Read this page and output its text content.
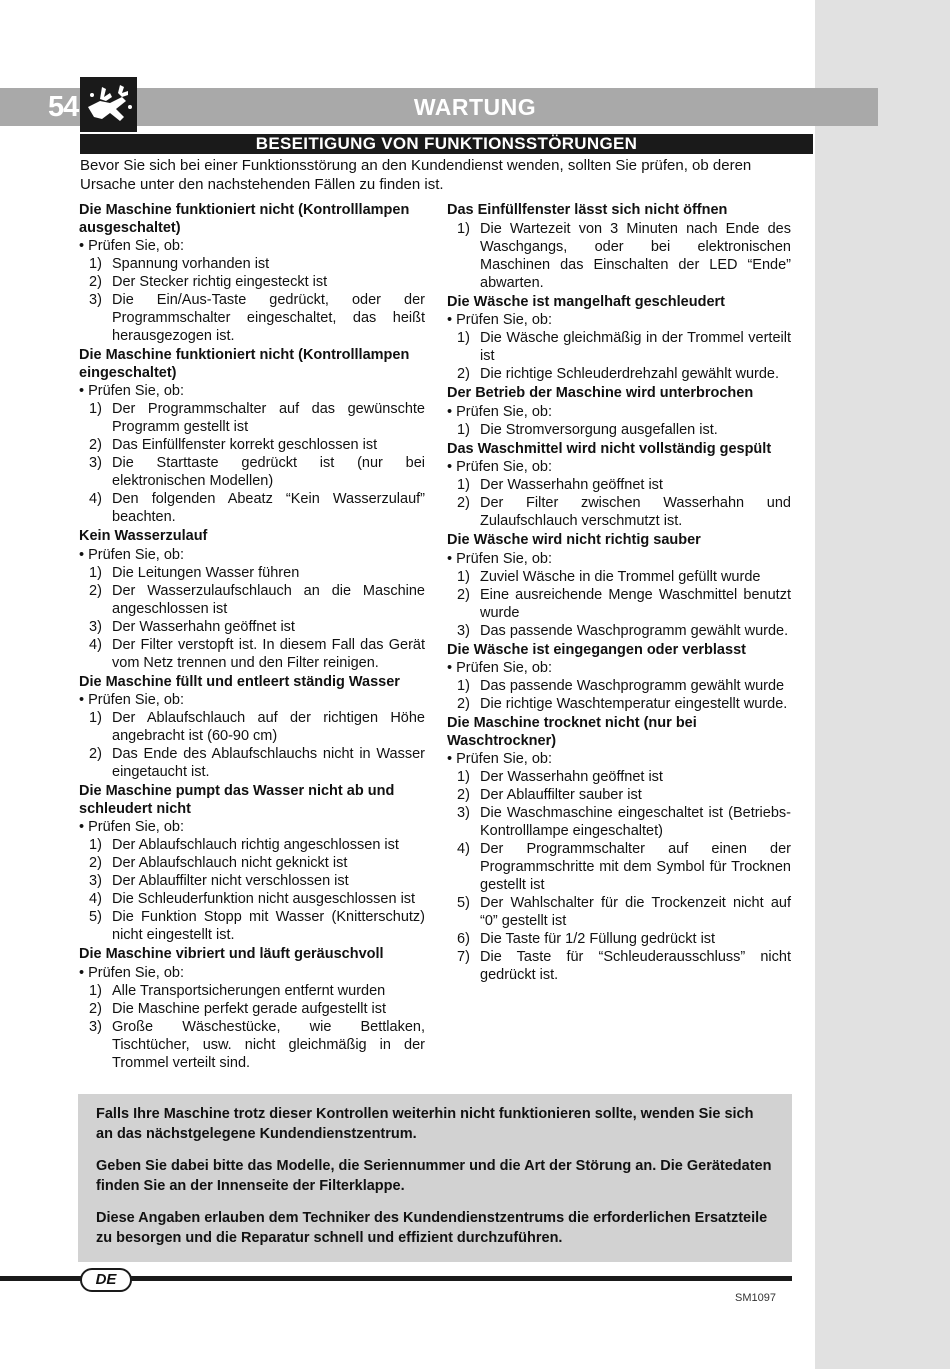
54	WARTUNG
BESEITIGUNG VON FUNKTIONSSTÖRUNGEN
Bevor Sie sich bei einer Funktionsstörung an den Kundendienst wenden, sollten Sie prüfen, ob deren Ursache unter den nachstehenden Fällen zu finden ist.
Die Maschine funktioniert nicht (Kontrolllampen ausgeschaltet)
• Prüfen Sie, ob:
1) Spannung vorhanden ist
2) Der Stecker richtig eingesteckt ist
3) Die Ein/Aus-Taste gedrückt, oder der Programmschalter eingeschaltet, das heißt herausgezogen ist.
Die Maschine funktioniert nicht (Kontrolllampen eingeschaltet)
• Prüfen Sie, ob:
1) Der Programmschalter auf das gewünschte Programm gestellt ist
2) Das Einfüllfenster korrekt geschlossen ist
3) Die Starttaste gedrückt ist (nur bei elektronischen Modellen)
4) Den folgenden Abeatz “Kein Wasserzulauf” beachten.
Kein Wasserzulauf
• Prüfen Sie, ob:
1) Die Leitungen Wasser führen
2) Der Wasserzulaufschlauch an die Maschine angeschlossen ist
3) Der Wasserhahn geöffnet ist
4) Der Filter verstopft ist. In diesem Fall das Gerät vom Netz trennen und den Filter reinigen.
Die Maschine füllt und entleert ständig Wasser
• Prüfen Sie, ob:
1) Der Ablaufschlauch auf der richtigen Höhe angebracht ist (60-90 cm)
2) Das Ende des Ablaufschlauchs nicht in Wasser eingetaucht ist.
Die Maschine pumpt das Wasser nicht ab und schleudert nicht
• Prüfen Sie, ob:
1) Der Ablaufschlauch richtig angeschlossen ist
2) Der Ablaufschlauch nicht geknickt ist
3) Der Ablauffilter nicht verschlossen ist
4) Die Schleuderfunktion nicht ausgeschlossen ist
5) Die Funktion Stopp mit Wasser (Knitterschutz) nicht eingestellt ist.
Die Maschine vibriert und läuft geräuschvoll
• Prüfen Sie, ob:
1) Alle Transportsicherungen entfernt wurden
2) Die Maschine perfekt gerade aufgestellt ist
3) Große Wäschestücke, wie Bettlaken, Tischtücher, usw. nicht gleichmäßig in der Trommel verteilt sind.
Das Einfüllfenster lässt sich nicht öffnen
1) Die Wartezeit von 3 Minuten nach Ende des Waschgangs, oder bei elektronischen Maschinen das Einschalten der LED “Ende” abwarten.
Die Wäsche ist mangelhaft geschleudert
• Prüfen Sie, ob:
1) Die Wäsche gleichmäßig in der Trommel verteilt ist
2) Die richtige Schleuderdrehzahl gewählt wurde.
Der Betrieb der Maschine wird unterbrochen
• Prüfen Sie, ob:
1) Die Stromversorgung ausgefallen ist.
Das Waschmittel wird nicht vollständig gespült
• Prüfen Sie, ob:
1) Der Wasserhahn geöffnet ist
2) Der Filter zwischen Wasserhahn und Zulaufschlauch verschmutzt ist.
Die Wäsche wird nicht richtig sauber
• Prüfen Sie, ob:
1) Zuviel Wäsche in die Trommel gefüllt wurde
2) Eine ausreichende Menge Waschmittel benutzt wurde
3) Das passende Waschprogramm gewählt wurde.
Die Wäsche ist eingegangen oder verblasst
• Prüfen Sie, ob:
1) Das passende Waschprogramm gewählt wurde
2) Die richtige Waschtemperatur eingestellt wurde.
Die Maschine trocknet nicht (nur bei Waschtrockner)
• Prüfen Sie, ob:
1) Der Wasserhahn geöffnet ist
2) Der Ablauffilter sauber ist
3) Die Waschmaschine eingeschaltet ist (Betriebs-Kontrolllampe eingeschaltet)
4) Der Programmschalter auf einen der Programmschritte mit dem Symbol für Trocknen gestellt ist
5) Der Wahlschalter für die Trockenzeit nicht auf “0” gestellt ist
6) Die Taste für 1/2 Füllung gedrückt ist
7) Die Taste für “Schleuderausschluss” nicht gedrückt ist.

Falls Ihre Maschine trotz dieser Kontrollen weiterhin nicht funktionieren sollte, wenden Sie sich an das nächstgelegene Kundendienstzentrum.

Geben Sie dabei bitte das Modelle, die Seriennummer und die Art der Störung an. Die Gerätedaten finden Sie an der Innenseite der Filterklappe.

Diese Angaben erlauben dem Techniker des Kundendienstzentrums die erforderlichen Ersatzteile zu besorgen und die Reparatur schnell und effizient durchzuführen.

DE
SM1097
